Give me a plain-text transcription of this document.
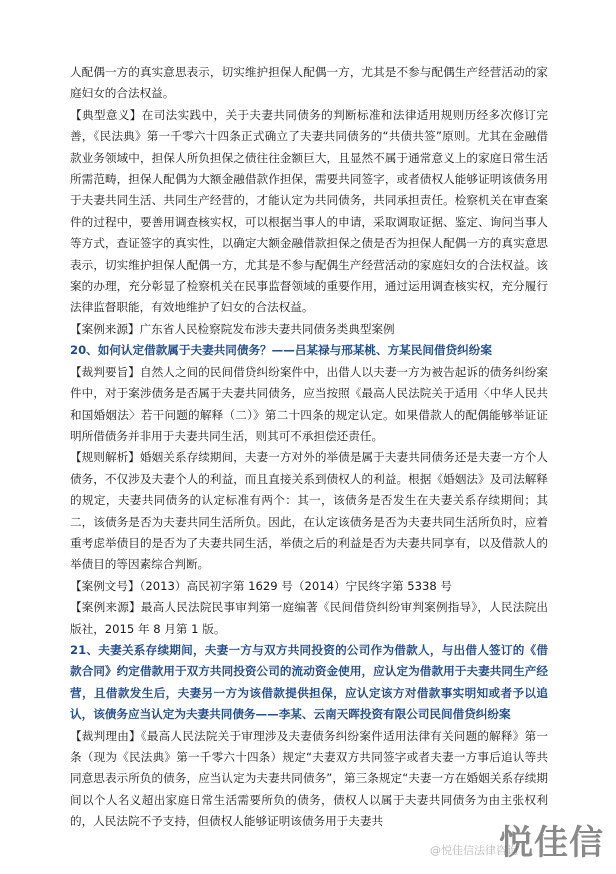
人配偶一方的真实意思表示，切实维护担保人配偶一方，尤其是不参与配偶生产经营活动的家庭妇女的合法权益。

【典型意义】在司法实践中，关于夫妻共同债务的判断标准和法律适用规则历经多次修订完善，《民法典》第一千零六十四条正式确立了夫妻共同债务的“共债共签”原则。尤其在金融借款业务领域中，担保人所负担保之债往往金额巨大，且显然不属于通常意义上的家庭日常生活所需范畴，担保人配偶为大额金融借款作担保，需要共同签字，或者债权人能够证明该债务用于夫妻共同生活、共同生产经营的，才能认定为共同债务，共同承担责任。检察机关在审查案件的过程中，要善用调查核实权，可以根据当事人的申请，采取调取证据、鉴定、询问当事人等方式，查证签字的真实性，以确定大额金融借款担保之债是否为担保人配偶一方的真实意思表示，切实维护担保人配偶一方，尤其是不参与配偶生产经营活动的家庭妇女的合法权益。该案的办理，充分彰显了检察机关在民事监督领域的重要作用，通过运用调查核实权，充分履行法律监督职能，有效地维护了妇女的合法权益。

【案例来源】广东省人民检察院发布涉夫妻共同债务类典型案例

20、如何认定借款属于夫妻共同债务？——吕某禄与邢某桃、方某民间借贷纠纷案

【裁判要旨】自然人之间的民间借贷纠纷案件中，出借人以夫妻一方为被告起诉的债务纠纷案件中，对于案涉债务是否属于夫妻共同债务，应当按照《最高人民法院关于适用〈中华人民共和国婚姻法〉若干问题的解释（二）》第二十四条的规定认定。如果借款人的配偶能够举证证明所借债务并非用于夫妻共同生活，则其可不承担偿还责任。

【规则解析】婚姻关系存续期间，夫妻一方对外的举债是属于夫妻共同债务还是夫妻一方个人债务，不仅涉及夫妻个人的利益，而且直接关系到债权人的利益。根据《婚姻法》及司法解释的规定，夫妻共同债务的认定标准有两个：其一，该债务是否发生在夫妻关系存续期间；其二，该债务是否为夫妻共同生活所负。因此，在认定该债务是否为夫妻共同生活所负时，应着重考虑举债目的是否为了夫妻共同生活，举债之后的利益是否为夫妻共同享有，以及借款人的举债目的等因素综合判断。

【案例文号】（2013）高民初字第 1629 号（2014）宁民终字第 5338 号

【案例来源】最高人民法院民事审判第一庭编著《民间借贷纠纷审判案例指导》，人民法院出版社，2015 年 8 月第 1 版。

21、夫妻关系存续期间，夫妻一方与双方共同投资的公司作为借款人，与出借人签订的《借款合同》约定借款用于双方共同投资公司的流动资金使用，应认定为借款用于夫妻共同生产经营，且借款发生后，夫妻另一方为该借款提供担保，应认定该方对借款事实明知或者予以追认，该债务应当认定为夫妻共同债务——李某、云南天晖投资有限公司民间借贷纠纷案

【裁判理由】《最高人民法院关于审理涉及夫妻债务纠纷案件适用法律有关问题的解释》第一条（现为《民法典》第一千零六十四条）规定“夫妻双方共同签字或者夫妻一方事后追认等共同意思表示所负的债务，应当认定为夫妻共同债务”，第三条规定“夫妻一方在婚姻关系存续期间以个人名义超出家庭日常生活需要所负的债务，债权人以属于夫妻共同债务为由主张权利的，人民法院不予支持，但债权人能够证明该债务用于夫妻共

@悦佳信法律咨询
悦佳信
